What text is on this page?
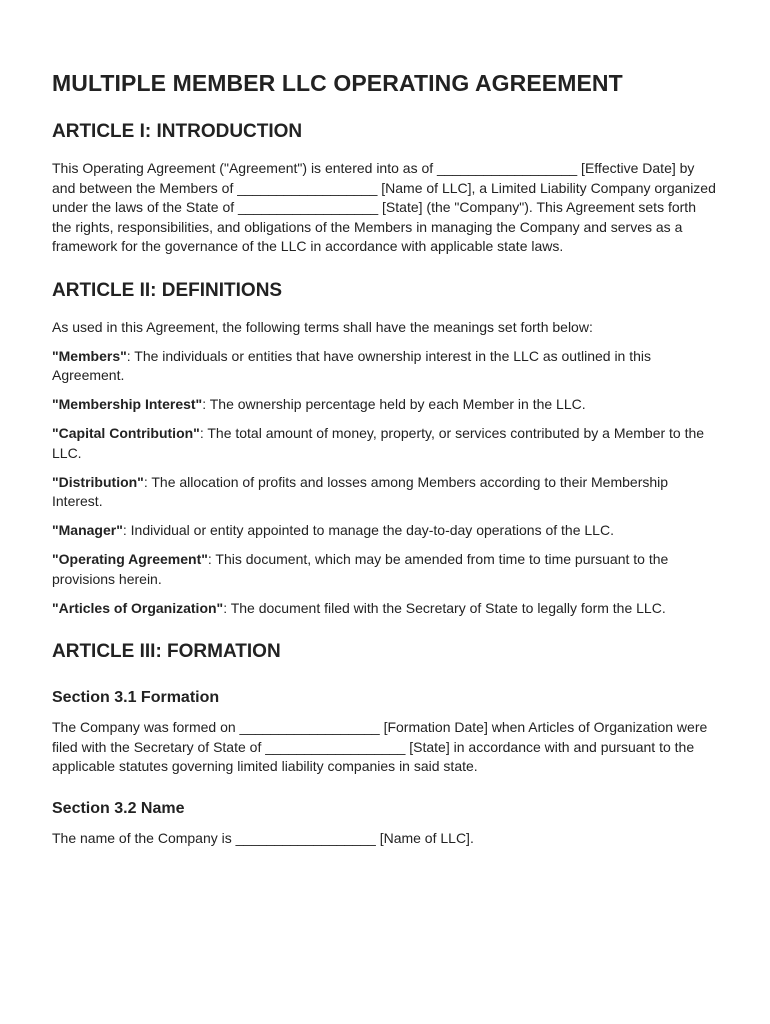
MULTIPLE MEMBER LLC OPERATING AGREEMENT
ARTICLE I: INTRODUCTION

This Operating Agreement ("Agreement") is entered into as of __________________ [Effective Date] by and between the Members of __________________ [Name of LLC], a Limited Liability Company organized under the laws of the State of __________________ [State] (the "Company"). This Agreement sets forth the rights, responsibilities, and obligations of the Members in managing the Company and serves as a framework for the governance of the LLC in accordance with applicable state laws.

ARTICLE II: DEFINITIONS

As used in this Agreement, the following terms shall have the meanings set forth below:

"Members": The individuals or entities that have ownership interest in the LLC as outlined in this Agreement.

"Membership Interest": The ownership percentage held by each Member in the LLC.

"Capital Contribution": The total amount of money, property, or services contributed by a Member to the LLC.

"Distribution": The allocation of profits and losses among Members according to their Membership Interest.

"Manager": Individual or entity appointed to manage the day-to-day operations of the LLC.

"Operating Agreement": This document, which may be amended from time to time pursuant to the provisions herein.

"Articles of Organization": The document filed with the Secretary of State to legally form the LLC.

ARTICLE III: FORMATION
Section 3.1 Formation

The Company was formed on __________________ [Formation Date] when Articles of Organization were filed with the Secretary of State of __________________ [State] in accordance with and pursuant to the applicable statutes governing limited liability companies in said state.

Section 3.2 Name

The name of the Company is __________________ [Name of LLC].
